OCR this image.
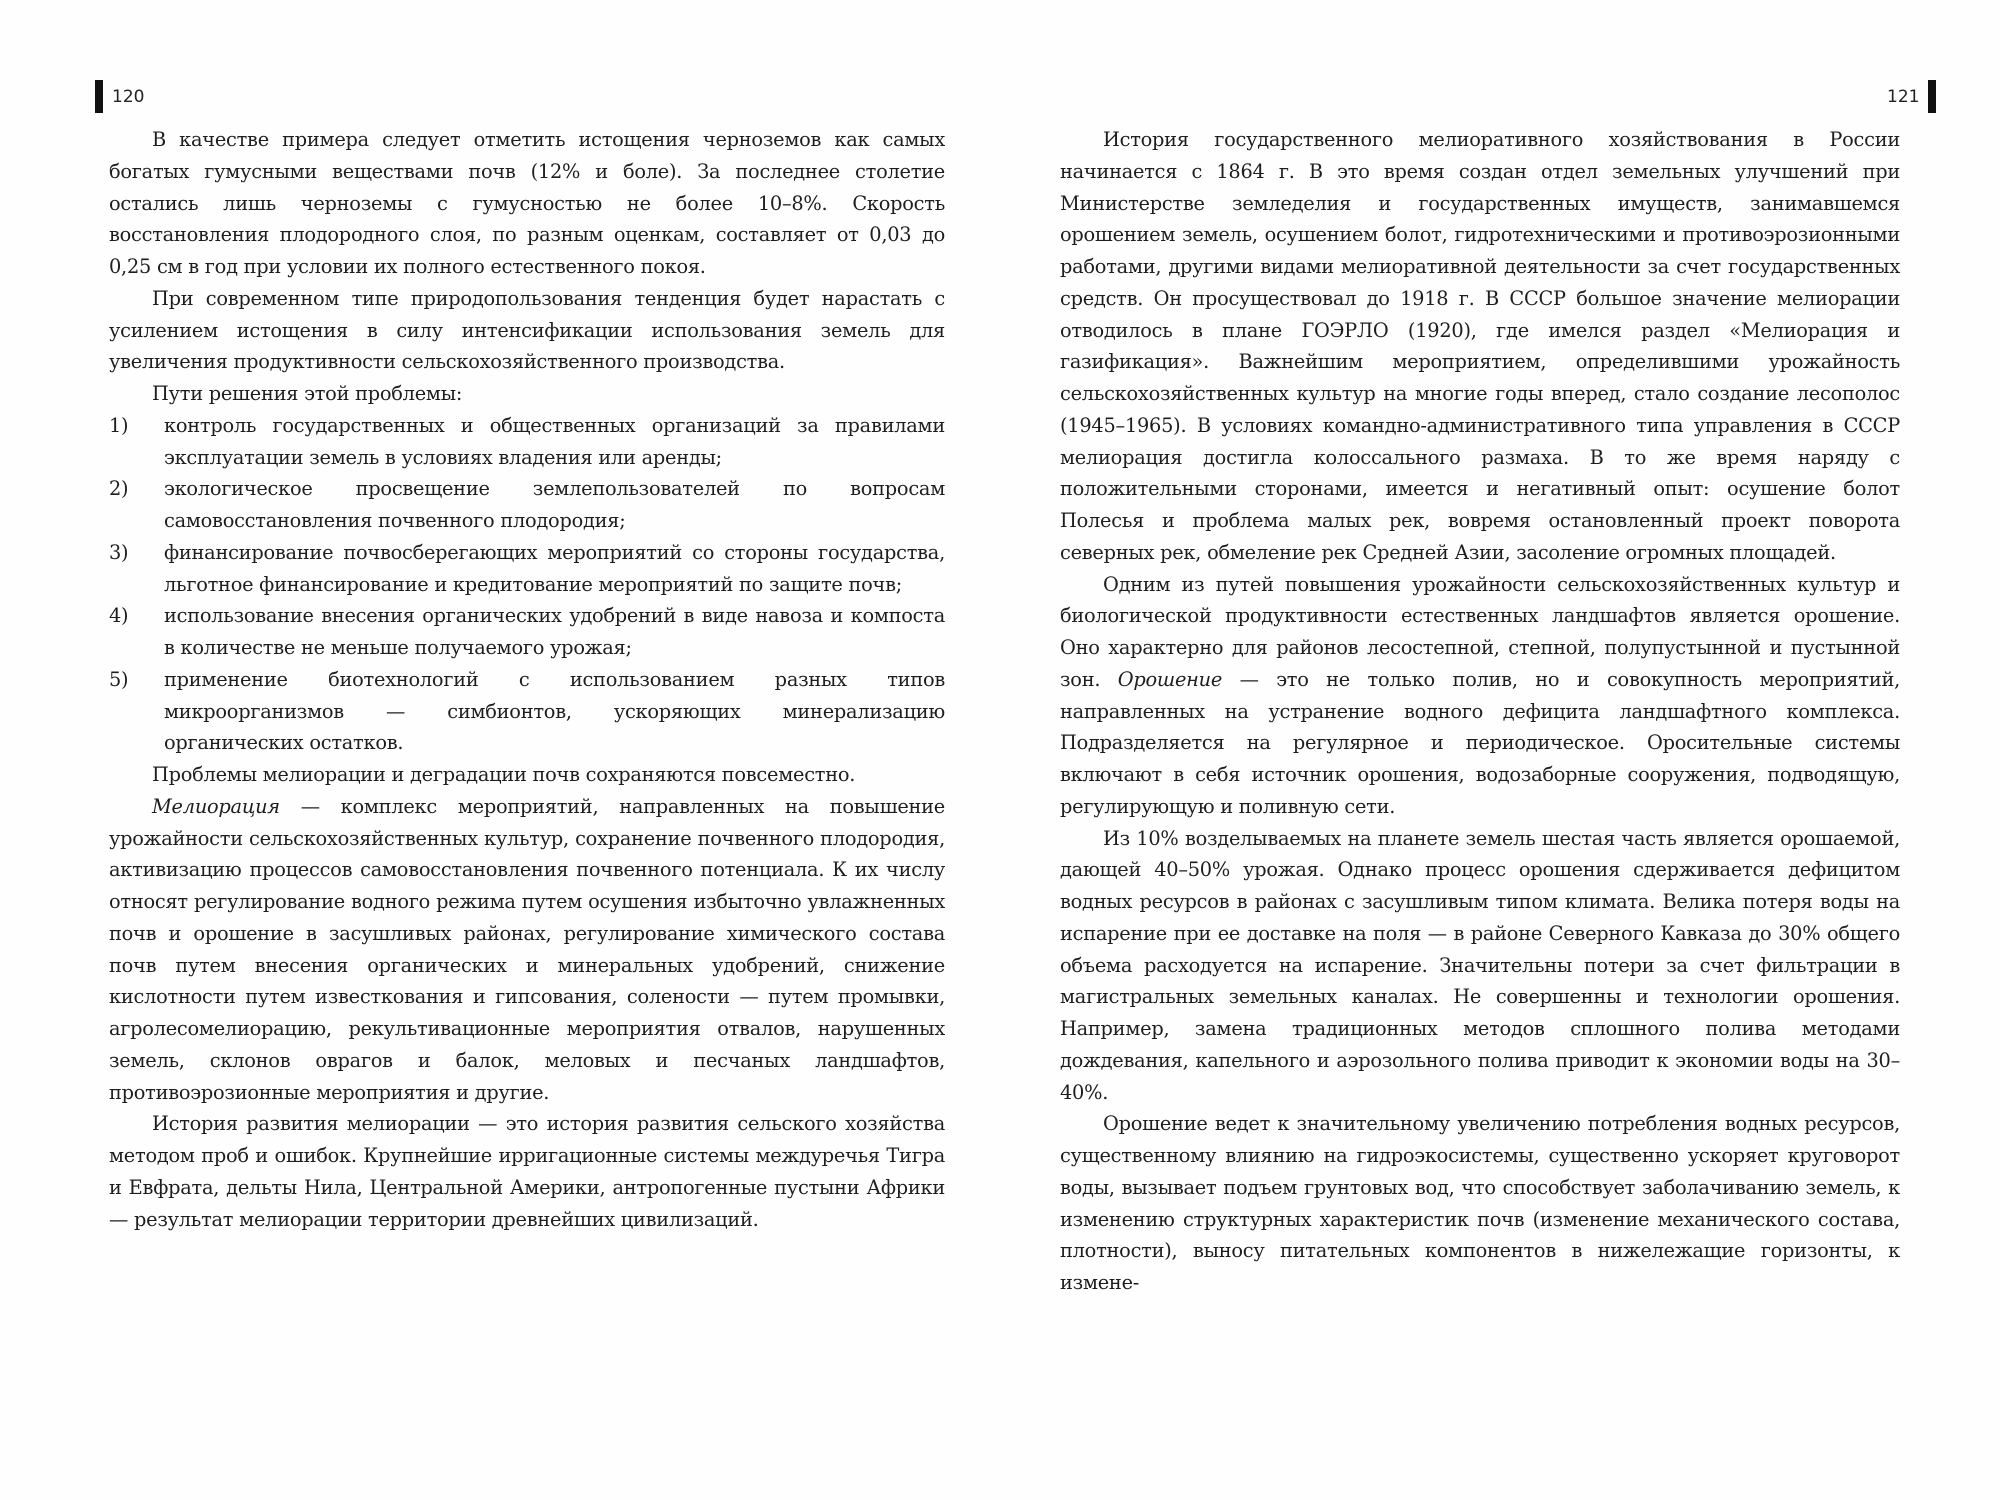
120

В качестве примера следует отметить истощения черноземов как самых богатых гумусными веществами почв (12% и боле). За последнее столетие остались лишь черноземы с гумусностью не более 10–8%. Скорость восстановления плодородного слоя, по разным оценкам, составляет от 0,03 до 0,25 см в год при условии их полного естественного покоя.

При современном типе природопользования тенденция будет нарастать с усилением истощения в силу интенсификации использования земель для увеличения продуктивности сельскохозяйственного производства.

Пути решения этой проблемы:

1)	контроль государственных и общественных организаций за правилами эксплуатации земель в условиях владения или аренды;
2)	экологическое просвещение землепользователей по вопросам самовосстановления почвенного плодородия;
3)	финансирование почвосберегающих мероприятий со стороны государства, льготное финансирование и кредитование мероприятий по защите почв;
4)	использование внесения органических удобрений в виде навоза и компоста в количестве не меньше получаемого урожая;
5)	применение биотехнологий с использованием разных типов микроорганизмов — симбионтов, ускоряющих минерализацию органических остатков.

Проблемы мелиорации и деградации почв сохраняются повсеместно.

Мелиорация — комплекс мероприятий, направленных на повышение урожайности сельскохозяйственных культур, сохранение почвенного плодородия, активизацию процессов самовосстановления почвенного потенциала. К их числу относят регулирование водного режима путем осушения избыточно увлажненных почв и орошение в засушливых районах, регулирование химического состава почв путем внесения органических и минеральных удобрений, снижение кислотности путем известкования и гипсования, солености — путем промывки, агролесомелиорацию, рекультивационные мероприятия отвалов, нарушенных земель, склонов оврагов и балок, меловых и песчаных ландшафтов, противоэрозионные мероприятия и другие.

История развития мелиорации — это история развития сельского хозяйства методом проб и ошибок. Крупнейшие ирригационные системы междуречья Тигра и Евфрата, дельты Нила, Центральной Америки, антропогенные пустыни Африки — результат мелиорации территории древнейших цивилизаций.

121

История государственного мелиоративного хозяйствования в России начинается с 1864 г. В это время создан отдел земельных улучшений при Министерстве земледелия и государственных имуществ, занимавшемся орошением земель, осушением болот, гидротехническими и противоэрозионными работами, другими видами мелиоративной деятельности за счет государственных средств. Он просуществовал до 1918 г. В СССР большое значение мелиорации отводилось в плане ГОЭРЛО (1920), где имелся раздел «Мелиорация и газификация». Важнейшим мероприятием, определившими урожайность сельскохозяйственных культур на многие годы вперед, стало создание лесополос (1945–1965). В условиях командно-административного типа управления в СССР мелиорация достигла колоссального размаха. В то же время наряду с положительными сторонами, имеется и негативный опыт: осушение болот Полесья и проблема малых рек, вовремя остановленный проект поворота северных рек, обмеление рек Средней Азии, засоление огромных площадей.

Одним из путей повышения урожайности сельскохозяйственных культур и биологической продуктивности естественных ландшафтов является орошение. Оно характерно для районов лесостепной, степной, полупустынной и пустынной зон. Орошение — это не только полив, но и совокупность мероприятий, направленных на устранение водного дефицита ландшафтного комплекса. Подразделяется на регулярное и периодическое. Оросительные системы включают в себя источник орошения, водозаборные сооружения, подводящую, регулирующую и поливную сети.

Из 10% возделываемых на планете земель шестая часть является орошаемой, дающей 40–50% урожая. Однако процесс орошения сдерживается дефицитом водных ресурсов в районах с засушливым типом климата. Велика потеря воды на испарение при ее доставке на поля — в районе Северного Кавказа до 30% общего объема расходуется на испарение. Значительны потери за счет фильтрации в магистральных земельных каналах. Не совершенны и технологии орошения. Например, замена традиционных методов сплошного полива методами дождевания, капельного и аэрозольного полива приводит к экономии воды на 30–40%.

Орошение ведет к значительному увеличению потребления водных ресурсов, существенному влиянию на гидроэкосистемы, существенно ускоряет круговорот воды, вызывает подъем грунтовых вод, что способствует заболачиванию земель, к изменению структурных характеристик почв (изменение механического состава, плотности), выносу питательных компонентов в нижележащие горизонты, к измене-
